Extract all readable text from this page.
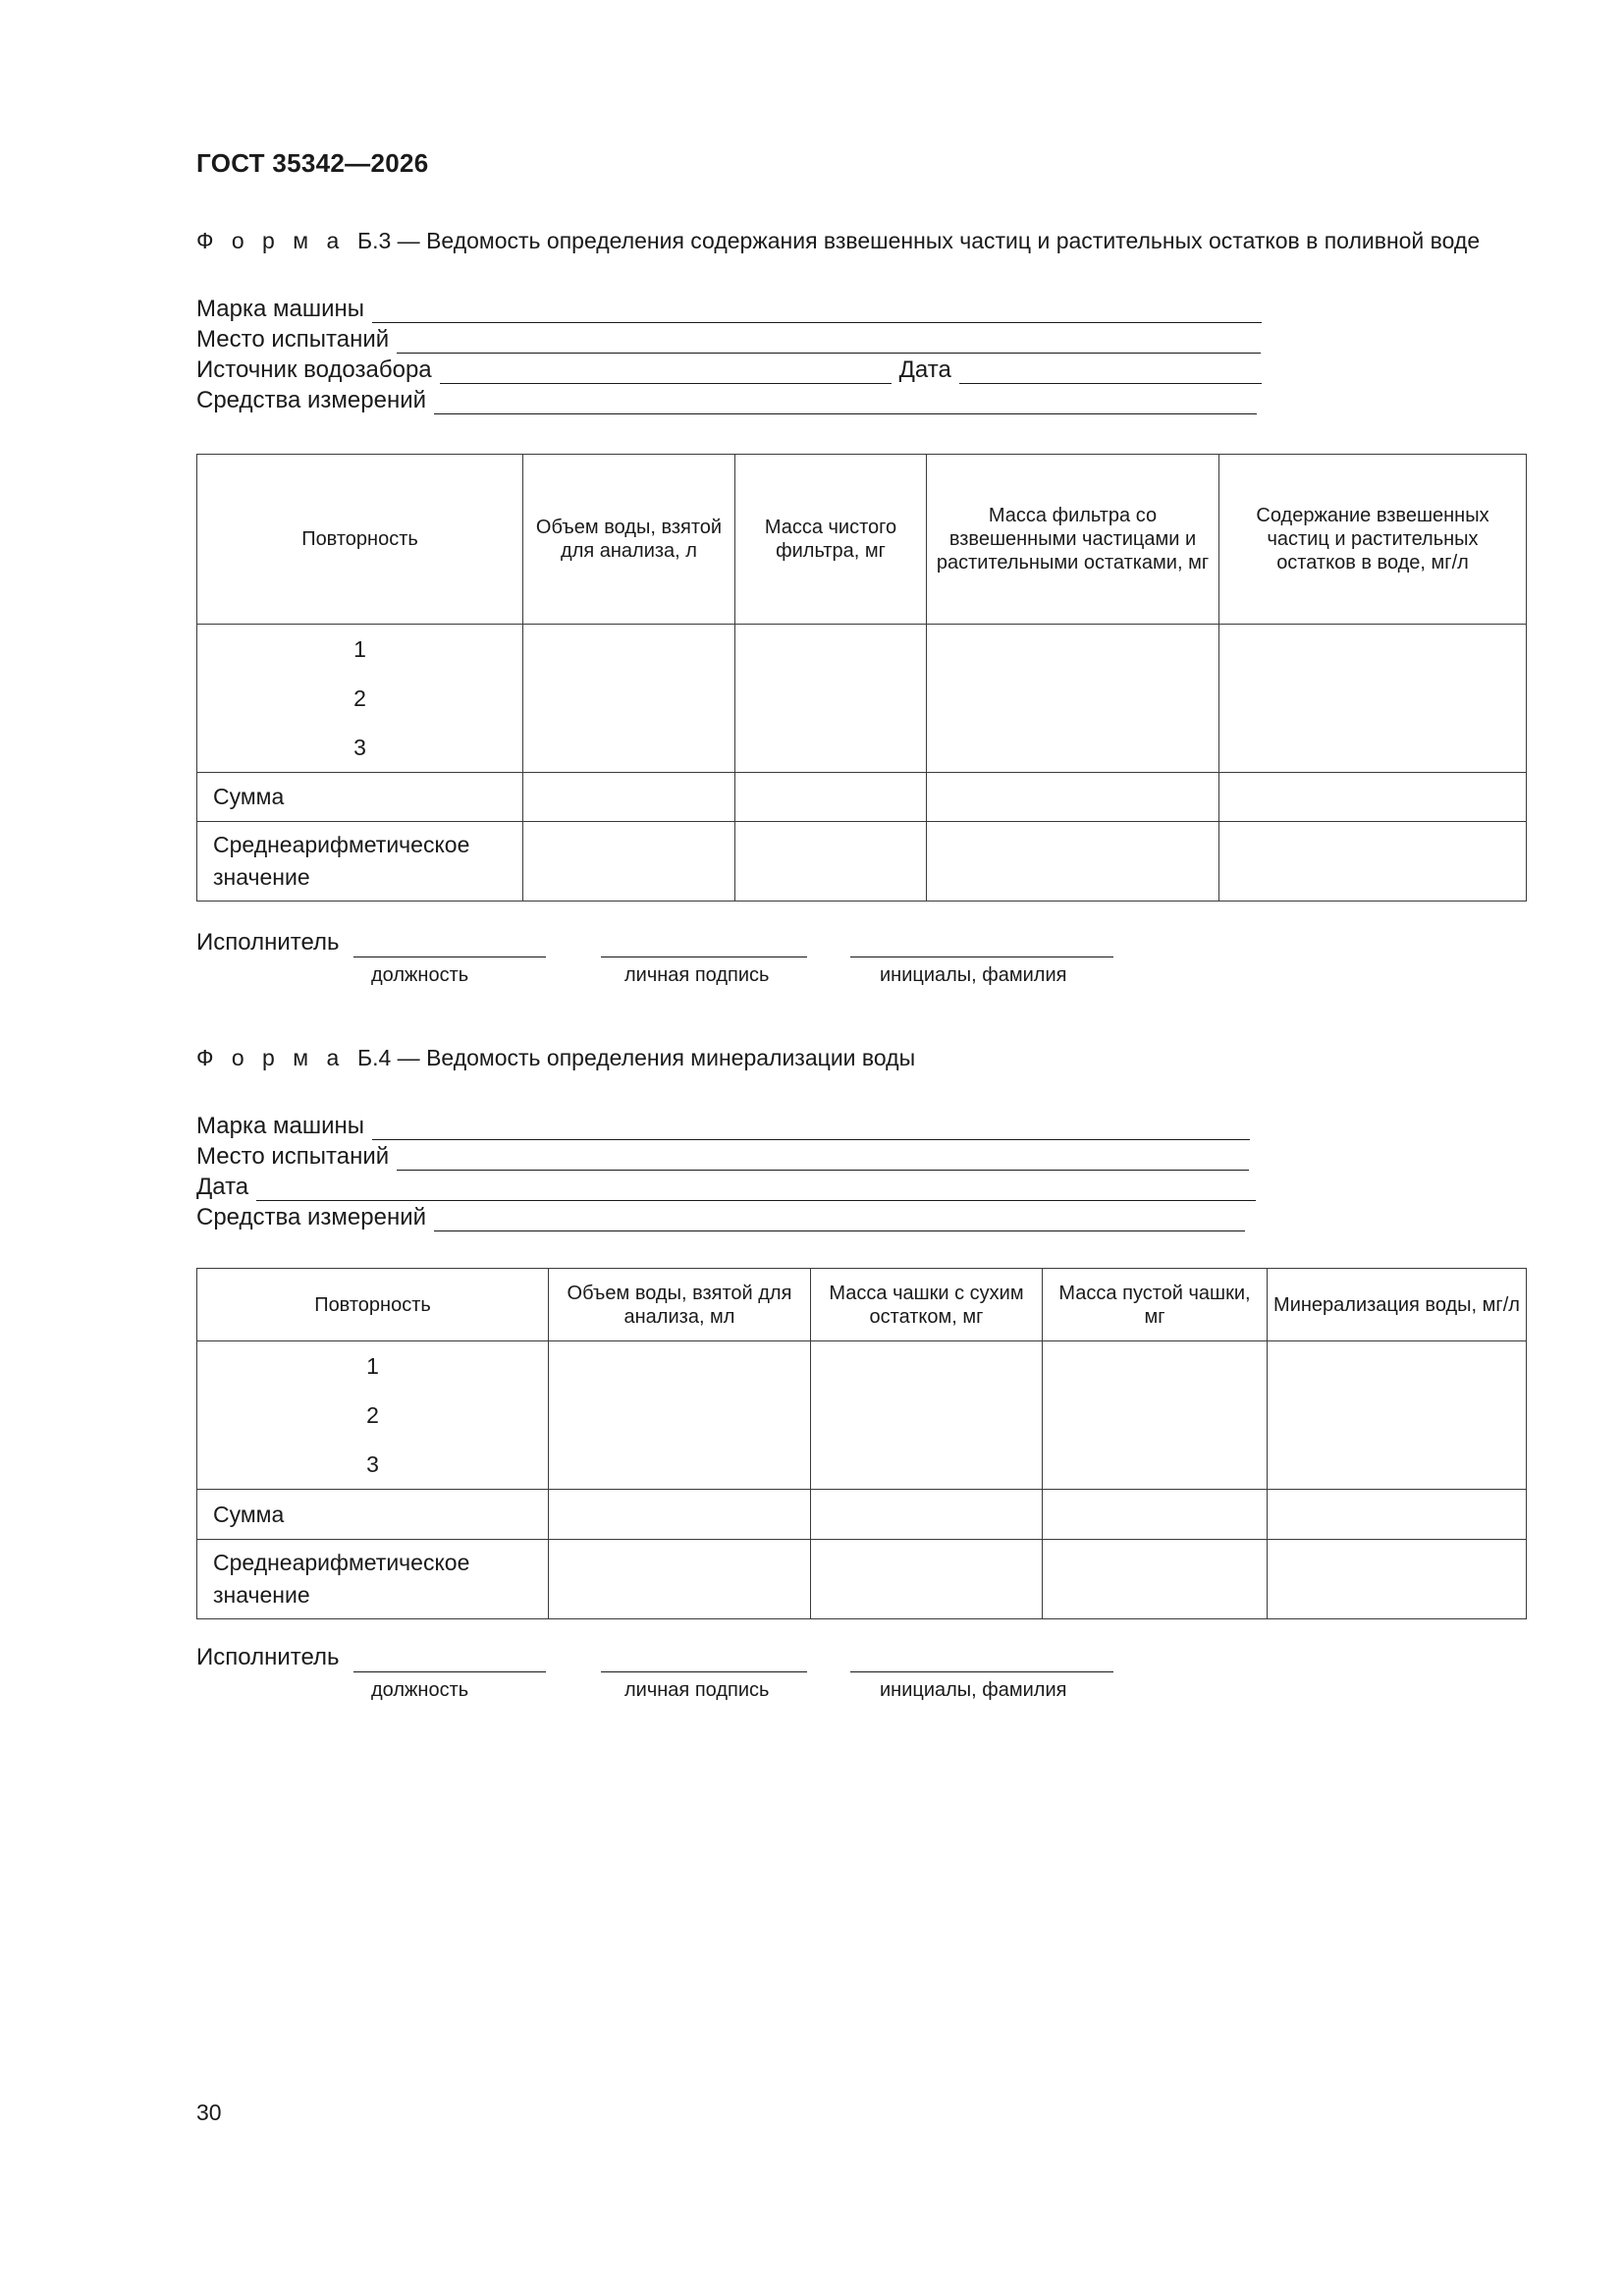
ГОСТ 35342—2026
Ф о р м а Б.3 — Ведомость определения содержания взвешенных частиц и растительных остатков в поливной воде
Марка машины
Место испытаний
Источник водозабора	Дата
Средства измерений
Повторность	Объем воды, взятой для анализа, л	Масса чистого фильтра, мг	Масса фильтра со взвешенными частицами и растительными остатками, мг	Содержание взвешенных частиц и растительных остатков в воде, мг/л

1
2
3				

Сумма				

Среднеарифметическое
значение				

Исполнитель
должность	личная подпись	инициалы, фамилия
Ф о р м а Б.4 — Ведомость определения минерализации воды
Марка машины
Место испытаний
Дата
Средства измерений
Повторность	Объем воды, взятой для анализа, мл	Масса чашки с сухим остатком, мг	Масса пустой чашки, мг	Минерализация воды, мг/л

1
2
3				

Сумма				

Среднеарифметическое
значение				

Исполнитель
должность	личная подпись	инициалы, фамилия
30
